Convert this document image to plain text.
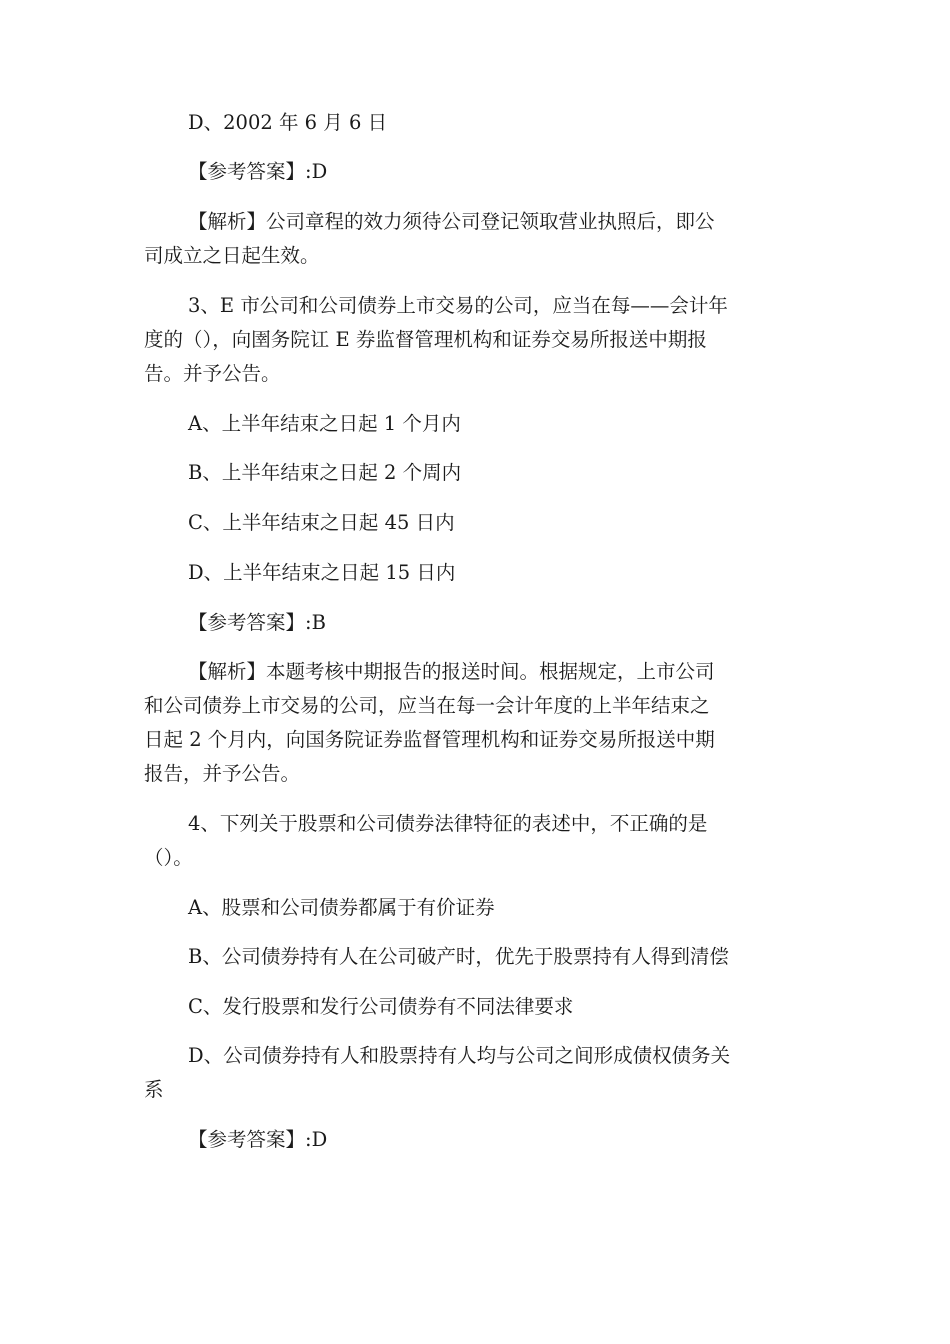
D、2002 年 6 月 6 日
【参考答案】:D
【解析】公司章程的效力须待公司登记领取营业执照后，即公
司成立之日起生效。
3、E 市公司和公司债券上市交易的公司，应当在每——会计年
度的（），向圉务院讧 E 券监督管理机构和证券交易所报送中期报
告。并予公告。
A、上半年结束之日起 1 个月内
B、上半年结束之日起 2 个周内
C、上半年结束之日起 45 日内
D、上半年结束之日起 15 日内
【参考答案】:B
【解析】本题考核中期报告的报送时间。根据规定，上市公司
和公司债券上市交易的公司，应当在每一会计年度的上半年结束之
日起 2 个月内，向国务院证券监督管理机构和证券交易所报送中期
报告，并予公告。
4、下列关于股票和公司债券法律特征的表述中，不正确的是
（）。
A、股票和公司债券都属于有价证券
B、公司债券持有人在公司破产时，优先于股票持有人得到清偿
C、发行股票和发行公司债券有不同法律要求
D、公司债券持有人和股票持有人均与公司之间形成债权债务关
系
【参考答案】:D
